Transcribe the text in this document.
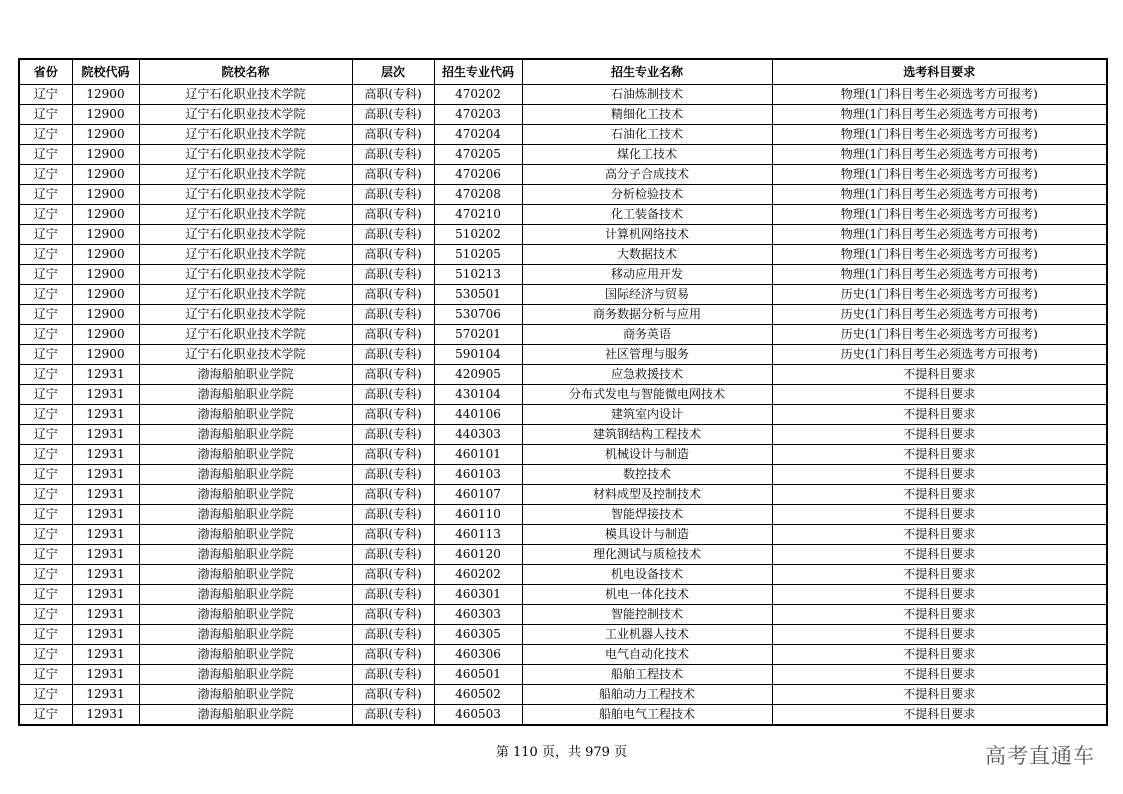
省份	院校代码	院校名称	层次	招生专业代码	招生专业名称	选考科目要求
辽宁	12900	辽宁石化职业技术学院	高职(专科)	470202	石油炼制技术	物理(1门科目考生必须选考方可报考)
辽宁	12900	辽宁石化职业技术学院	高职(专科)	470203	精细化工技术	物理(1门科目考生必须选考方可报考)
辽宁	12900	辽宁石化职业技术学院	高职(专科)	470204	石油化工技术	物理(1门科目考生必须选考方可报考)
辽宁	12900	辽宁石化职业技术学院	高职(专科)	470205	煤化工技术	物理(1门科目考生必须选考方可报考)
辽宁	12900	辽宁石化职业技术学院	高职(专科)	470206	高分子合成技术	物理(1门科目考生必须选考方可报考)
辽宁	12900	辽宁石化职业技术学院	高职(专科)	470208	分析检验技术	物理(1门科目考生必须选考方可报考)
辽宁	12900	辽宁石化职业技术学院	高职(专科)	470210	化工装备技术	物理(1门科目考生必须选考方可报考)
辽宁	12900	辽宁石化职业技术学院	高职(专科)	510202	计算机网络技术	物理(1门科目考生必须选考方可报考)
辽宁	12900	辽宁石化职业技术学院	高职(专科)	510205	大数据技术	物理(1门科目考生必须选考方可报考)
辽宁	12900	辽宁石化职业技术学院	高职(专科)	510213	移动应用开发	物理(1门科目考生必须选考方可报考)
辽宁	12900	辽宁石化职业技术学院	高职(专科)	530501	国际经济与贸易	历史(1门科目考生必须选考方可报考)
辽宁	12900	辽宁石化职业技术学院	高职(专科)	530706	商务数据分析与应用	历史(1门科目考生必须选考方可报考)
辽宁	12900	辽宁石化职业技术学院	高职(专科)	570201	商务英语	历史(1门科目考生必须选考方可报考)
辽宁	12900	辽宁石化职业技术学院	高职(专科)	590104	社区管理与服务	历史(1门科目考生必须选考方可报考)
辽宁	12931	渤海船舶职业学院	高职(专科)	420905	应急救援技术	不提科目要求
辽宁	12931	渤海船舶职业学院	高职(专科)	430104	分布式发电与智能微电网技术	不提科目要求
辽宁	12931	渤海船舶职业学院	高职(专科)	440106	建筑室内设计	不提科目要求
辽宁	12931	渤海船舶职业学院	高职(专科)	440303	建筑钢结构工程技术	不提科目要求
辽宁	12931	渤海船舶职业学院	高职(专科)	460101	机械设计与制造	不提科目要求
辽宁	12931	渤海船舶职业学院	高职(专科)	460103	数控技术	不提科目要求
辽宁	12931	渤海船舶职业学院	高职(专科)	460107	材料成型及控制技术	不提科目要求
辽宁	12931	渤海船舶职业学院	高职(专科)	460110	智能焊接技术	不提科目要求
辽宁	12931	渤海船舶职业学院	高职(专科)	460113	模具设计与制造	不提科目要求
辽宁	12931	渤海船舶职业学院	高职(专科)	460120	理化测试与质检技术	不提科目要求
辽宁	12931	渤海船舶职业学院	高职(专科)	460202	机电设备技术	不提科目要求
辽宁	12931	渤海船舶职业学院	高职(专科)	460301	机电一体化技术	不提科目要求
辽宁	12931	渤海船舶职业学院	高职(专科)	460303	智能控制技术	不提科目要求
辽宁	12931	渤海船舶职业学院	高职(专科)	460305	工业机器人技术	不提科目要求
辽宁	12931	渤海船舶职业学院	高职(专科)	460306	电气自动化技术	不提科目要求
辽宁	12931	渤海船舶职业学院	高职(专科)	460501	船舶工程技术	不提科目要求
辽宁	12931	渤海船舶职业学院	高职(专科)	460502	船舶动力工程技术	不提科目要求
辽宁	12931	渤海船舶职业学院	高职(专科)	460503	船舶电气工程技术	不提科目要求
第 110 页，共 979 页	高考直通车
